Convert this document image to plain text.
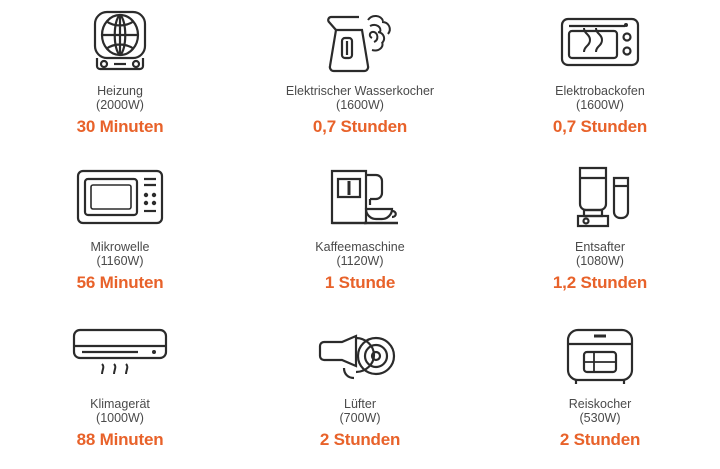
Heizung
(2000W)
30 Minuten
Elektrischer Wasserkocher
(1600W)
0,7 Stunden
Elektrobackofen
(1600W)
0,7 Stunden
Mikrowelle
(1160W)
56 Minuten
Kaffeemaschine
(1120W)
1 Stunde
Entsafter
(1080W)
1,2 Stunden
Klimagerät
(1000W)
88 Minuten
Lüfter
(700W)
2 Stunden
Reiskocher
(530W)
2 Stunden
